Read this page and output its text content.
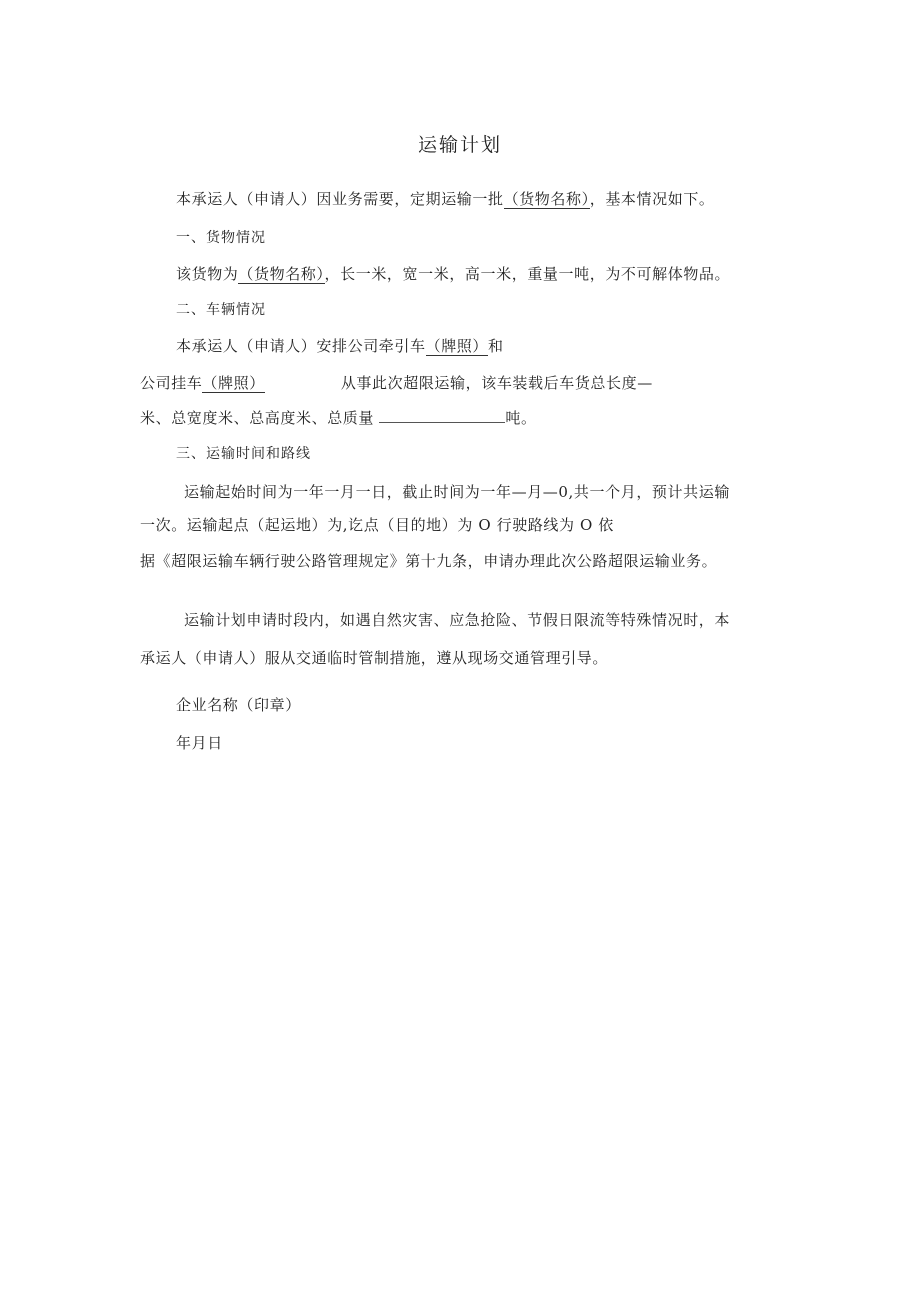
运输计划
本承运人（申请人）因业务需要，定期运输一批（货物名称），基本情况如下。
一、货物情况
该货物为（货物名称），长一米，宽一米，高一米，重量一吨，为不可解体物品。
二、车辆情况
本承运人（申请人）安排公司牵引车（牌照）和
公司挂车（牌照）	从事此次超限运输，该车装载后车货总长度—
米、总宽度米、总高度米、总质量	吨。
三、运输时间和路线
运输起始时间为一年一月一日，截止时间为一年—月—0,共一个月，预计共运输
一次。运输起点（起运地）为,讫点（目的地）为 O 行驶路线为 O 依
据《超限运输车辆行驶公路管理规定》第十九条，申请办理此次公路超限运输业务。
运输计划申请时段内，如遇自然灾害、应急抢险、节假日限流等特殊情况时，本
承运人（申请人）服从交通临时管制措施，遵从现场交通管理引导。
企业名称（印章）
年月日
